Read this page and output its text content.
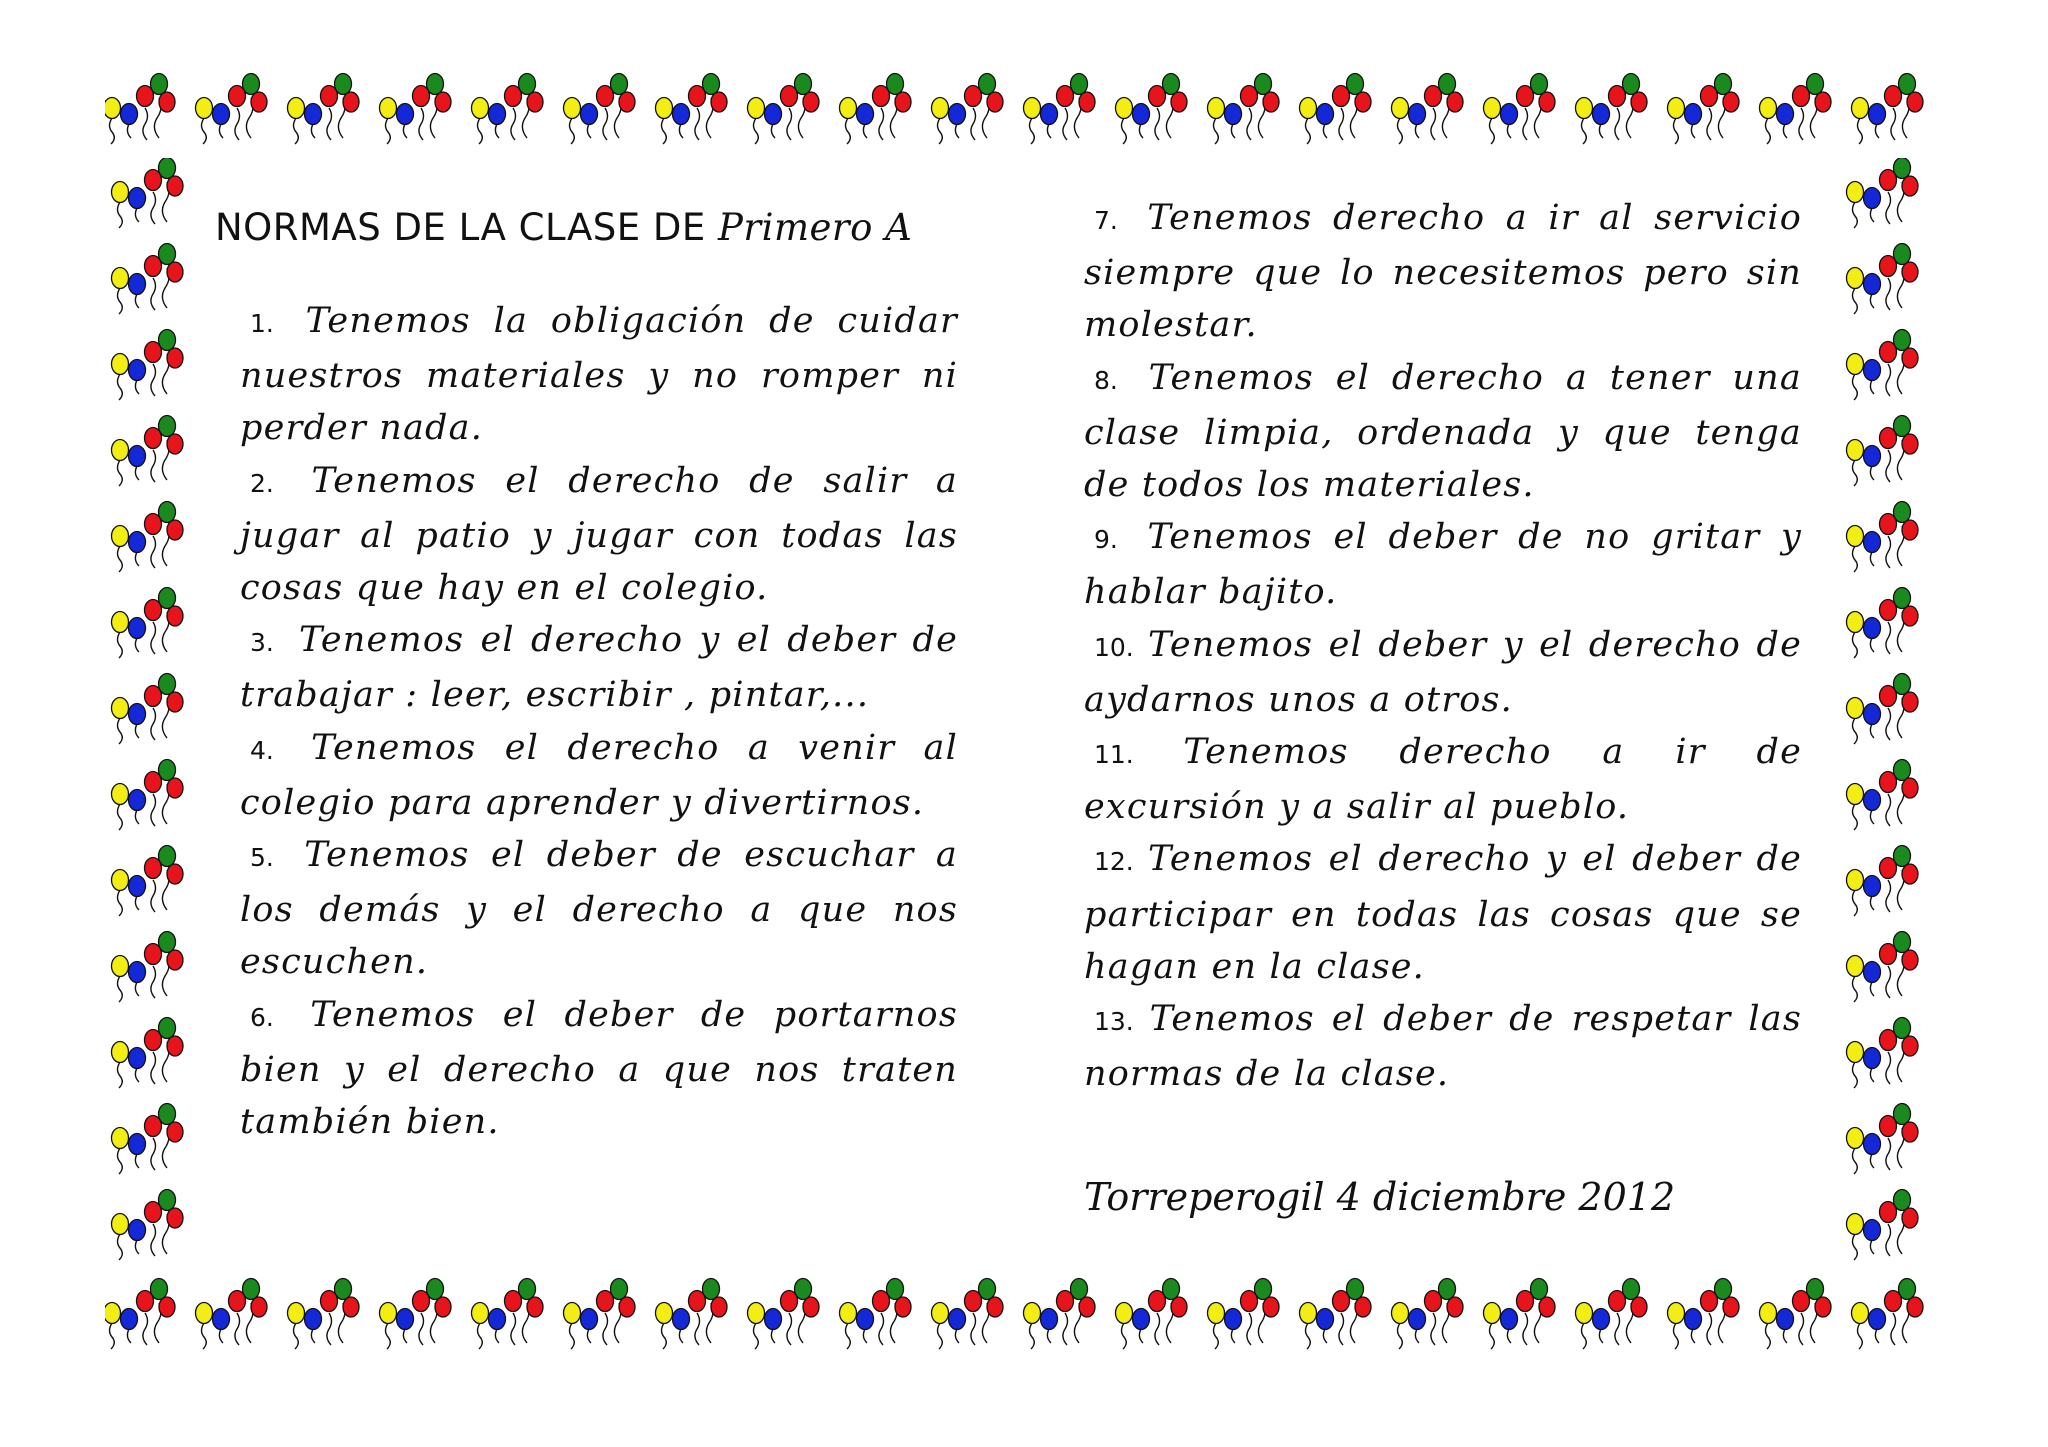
NORMAS DE LA CLASE DE Primero A

1. Tenemos la obligación de cuidar nuestros materiales y no romper ni perder nada.

2. Tenemos el derecho de salir a jugar al patio y jugar con todas las cosas que hay en el colegio.

3. Tenemos el derecho y el deber de trabajar : leer, escribir , pintar,...

4. Tenemos el derecho a venir al colegio para aprender y divertirnos.

5. Tenemos el deber de escuchar a los demás y el derecho a que nos escuchen.

6. Tenemos el deber de portarnos bien y el derecho a que nos traten también bien.

7. Tenemos derecho a ir al servicio siempre que lo necesitemos pero sin molestar.

8. Tenemos el derecho a tener una clase limpia, ordenada y que tenga de todos los materiales.

9. Tenemos el deber de no gritar y hablar bajito.

10. Tenemos el deber y el derecho de aydarnos unos a otros.

11. Tenemos derecho a ir de excursión y a salir al pueblo.

12. Tenemos el derecho y el deber de participar en todas las cosas que se hagan en la clase.

13. Tenemos el deber de respetar las normas de la clase.

Torreperogil 4 diciembre 2012
